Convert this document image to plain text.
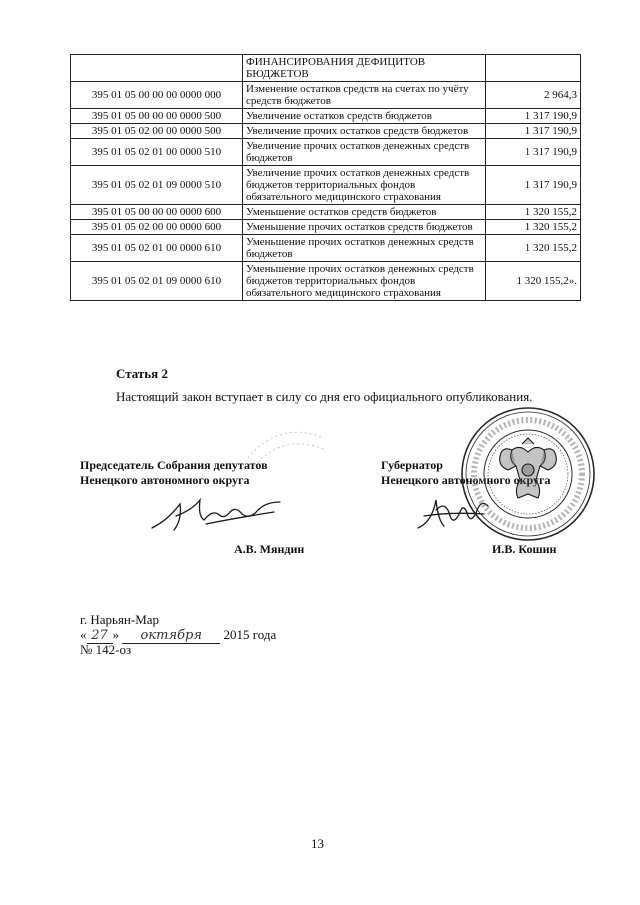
	ФИНАНСИРОВАНИЯ ДЕФИЦИТОВ БЮДЖЕТОВ	
395 01 05 00 00 00 0000 000	Изменение остатков средств на счетах по учёту средств бюджетов	2 964,3
395 01 05 00 00 00 0000 500	Увеличение остатков средств бюджетов	1 317 190,9
395 01 05 02 00 00 0000 500	Увеличение прочих остатков средств бюджетов	1 317 190,9
395 01 05 02 01 00 0000 510	Увеличение прочих остатков денежных средств бюджетов	1 317 190,9
395 01 05 02 01 09 0000 510	Увеличение прочих остатков денежных средств бюджетов территориальных фондов обязательного медицинского страхования	1 317 190,9
395 01 05 00 00 00 0000 600	Уменьшение остатков средств бюджетов	1 320 155,2
395 01 05 02 00 00 0000 600	Уменьшение прочих остатков средств бюджетов	1 320 155,2
395 01 05 02 01 00 0000 610	Уменьшение прочих остатков денежных средств бюджетов	1 320 155,2
395 01 05 02 01 09 0000 610	Уменьшение прочих остатков денежных средств бюджетов территориальных фондов обязательного медицинского страхования	1 320 155,2».
Статья 2
Настоящий закон вступает в силу со дня его официального опубликования.
Председатель Собрания депутатов
Ненецкого автономного округа
Губернатор
Ненецкого автономного округа
А.В. Мяндин	И.В. Кошин
г. Нарьян-Мар
« 27 » октября 2015 года
№ 142-оз
13
